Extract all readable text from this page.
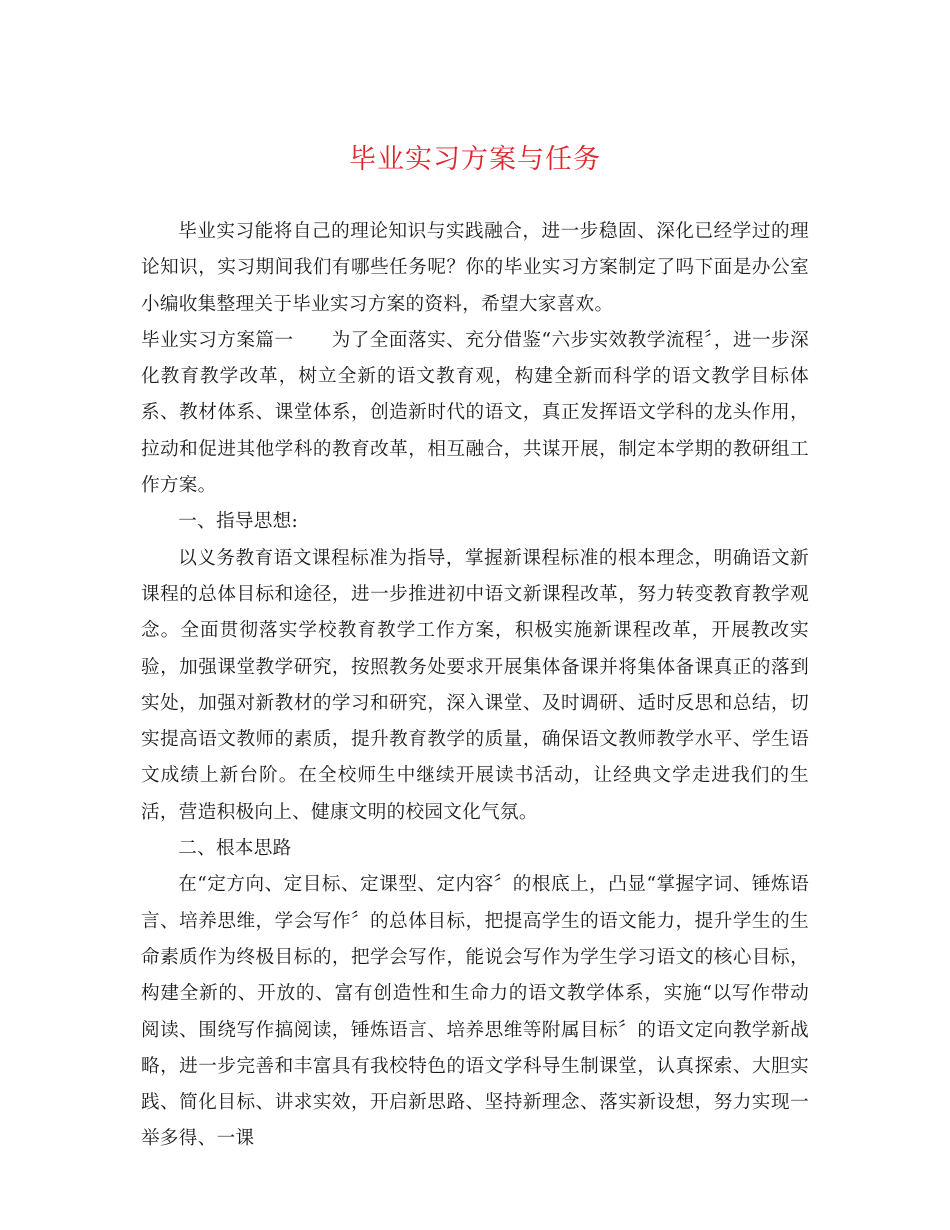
毕业实习方案与任务

毕业实习能将自己的理论知识与实践融合，进一步稳固、深化已经学过的理论知识，实习期间我们有哪些任务呢？你的毕业实习方案制定了吗下面是办公室小编收集整理关于毕业实习方案的资料，希望大家喜欢。

毕业实习方案篇一　　为了全面落实、充分借鉴“六步实效教学流程〞，进一步深化教育教学改革，树立全新的语文教育观，构建全新而科学的语文教学目标体系、教材体系、课堂体系，创造新时代的语文，真正发挥语文学科的龙头作用，拉动和促进其他学科的教育改革，相互融合，共谋开展，制定本学期的教研组工作方案。

一、指导思想:

以义务教育语文课程标准为指导，掌握新课程标准的根本理念，明确语文新课程的总体目标和途径，进一步推进初中语文新课程改革，努力转变教育教学观念。全面贯彻落实学校教育教学工作方案，积极实施新课程改革，开展教改实验，加强课堂教学研究，按照教务处要求开展集体备课并将集体备课真正的落到实处，加强对新教材的学习和研究，深入课堂、及时调研、适时反思和总结，切实提高语文教师的素质，提升教育教学的质量，确保语文教师教学水平、学生语文成绩上新台阶。在全校师生中继续开展读书活动，让经典文学走进我们的生活，营造积极向上、健康文明的校园文化气氛。

二、根本思路

在“定方向、定目标、定课型、定内容〞的根底上，凸显“掌握字词、锤炼语言、培养思维，学会写作〞的总体目标，把提高学生的语文能力，提升学生的生命素质作为终极目标的，把学会写作，能说会写作为学生学习语文的核心目标，构建全新的、开放的、富有创造性和生命力的语文教学体系，实施“以写作带动阅读、围绕写作搞阅读，锤炼语言、培养思维等附属目标〞的语文定向教学新战略，进一步完善和丰富具有我校特色的语文学科导生制课堂，认真探索、大胆实践、简化目标、讲求实效，开启新思路、坚持新理念、落实新设想，努力实现一举多得、一课
